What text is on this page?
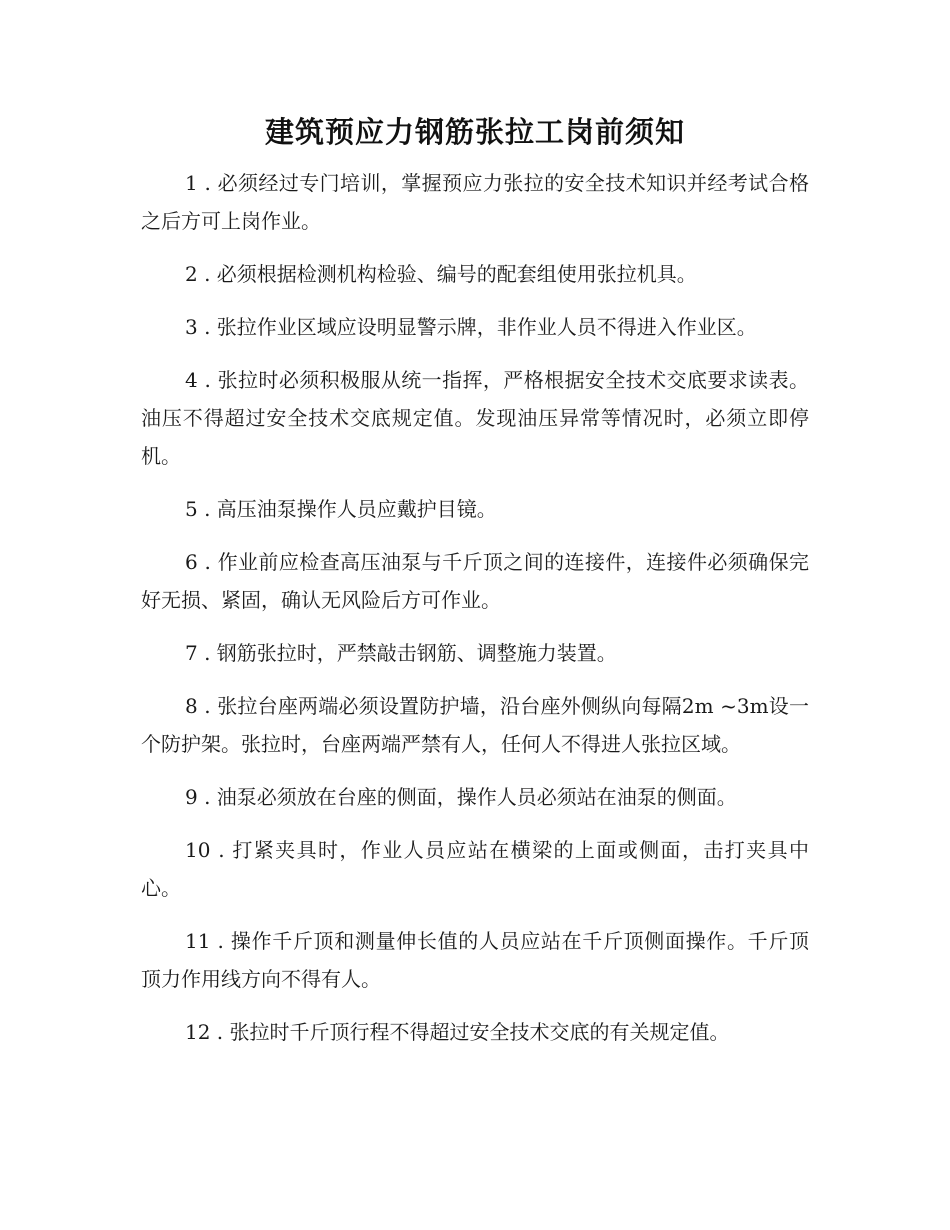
建筑预应力钢筋张拉工岗前须知

1 . 必须经过专门培训，掌握预应力张拉的安全技术知识并经考试合格之后方可上岗作业。

2 . 必须根据检测机构检验、编号的配套组使用张拉机具。

3 . 张拉作业区域应设明显警示牌，非作业人员不得进入作业区。

4 . 张拉时必须积极服从统一指挥，严格根据安全技术交底要求读表。油压不得超过安全技术交底规定值。发现油压异常等情况时，必须立即停机。

5 . 高压油泵操作人员应戴护目镜。

6 . 作业前应检查高压油泵与千斤顶之间的连接件，连接件必须确保完好无损、紧固，确认无风险后方可作业。

7 . 钢筋张拉时，严禁敲击钢筋、调整施力装置。

8 . 张拉台座两端必须设置防护墙，沿台座外侧纵向每隔2m ~3m设一个防护架。张拉时，台座两端严禁有人，任何人不得进人张拉区域。

9 . 油泵必须放在台座的侧面，操作人员必须站在油泵的侧面。

10 . 打紧夹具时，作业人员应站在横梁的上面或侧面，击打夹具中心。

11 . 操作千斤顶和测量伸长值的人员应站在千斤顶侧面操作。千斤顶顶力作用线方向不得有人。

12 . 张拉时千斤顶行程不得超过安全技术交底的有关规定值。
